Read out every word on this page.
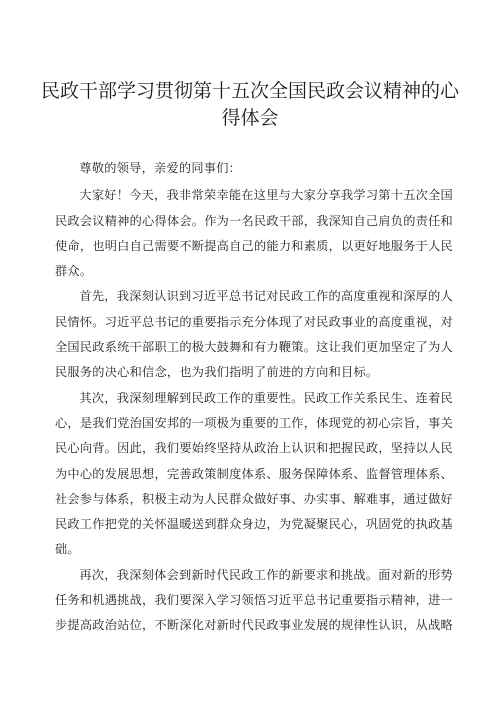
民政干部学习贯彻第十五次全国民政会议精神的心得体会

尊敬的领导，亲爱的同事们：

大家好！今天，我非常荣幸能在这里与大家分享我学习第十五次全国民政会议精神的心得体会。作为一名民政干部，我深知自己肩负的责任和使命，也明白自己需要不断提高自己的能力和素质，以更好地服务于人民群众。

首先，我深刻认识到习近平总书记对民政工作的高度重视和深厚的人民情怀。习近平总书记的重要指示充分体现了对民政事业的高度重视，对全国民政系统干部职工的极大鼓舞和有力鞭策。这让我们更加坚定了为人民服务的决心和信念，也为我们指明了前进的方向和目标。

其次，我深刻理解到民政工作的重要性。民政工作关系民生、连着民心，是我们党治国安邦的一项极为重要的工作，体现党的初心宗旨，事关民心向背。因此，我们要始终坚持从政治上认识和把握民政，坚持以人民为中心的发展思想，完善政策制度体系、服务保障体系、监督管理体系、社会参与体系，积极主动为人民群众做好事、办实事、解难事，通过做好民政工作把党的关怀温暖送到群众身边，为党凝聚民心，巩固党的执政基础。

再次，我深刻体会到新时代民政工作的新要求和挑战。面对新的形势任务和机遇挑战，我们要深入学习领悟习近平总书记重要指示精神，进一步提高政治站位，不断深化对新时代民政事业发展的规律性认识，从战略
